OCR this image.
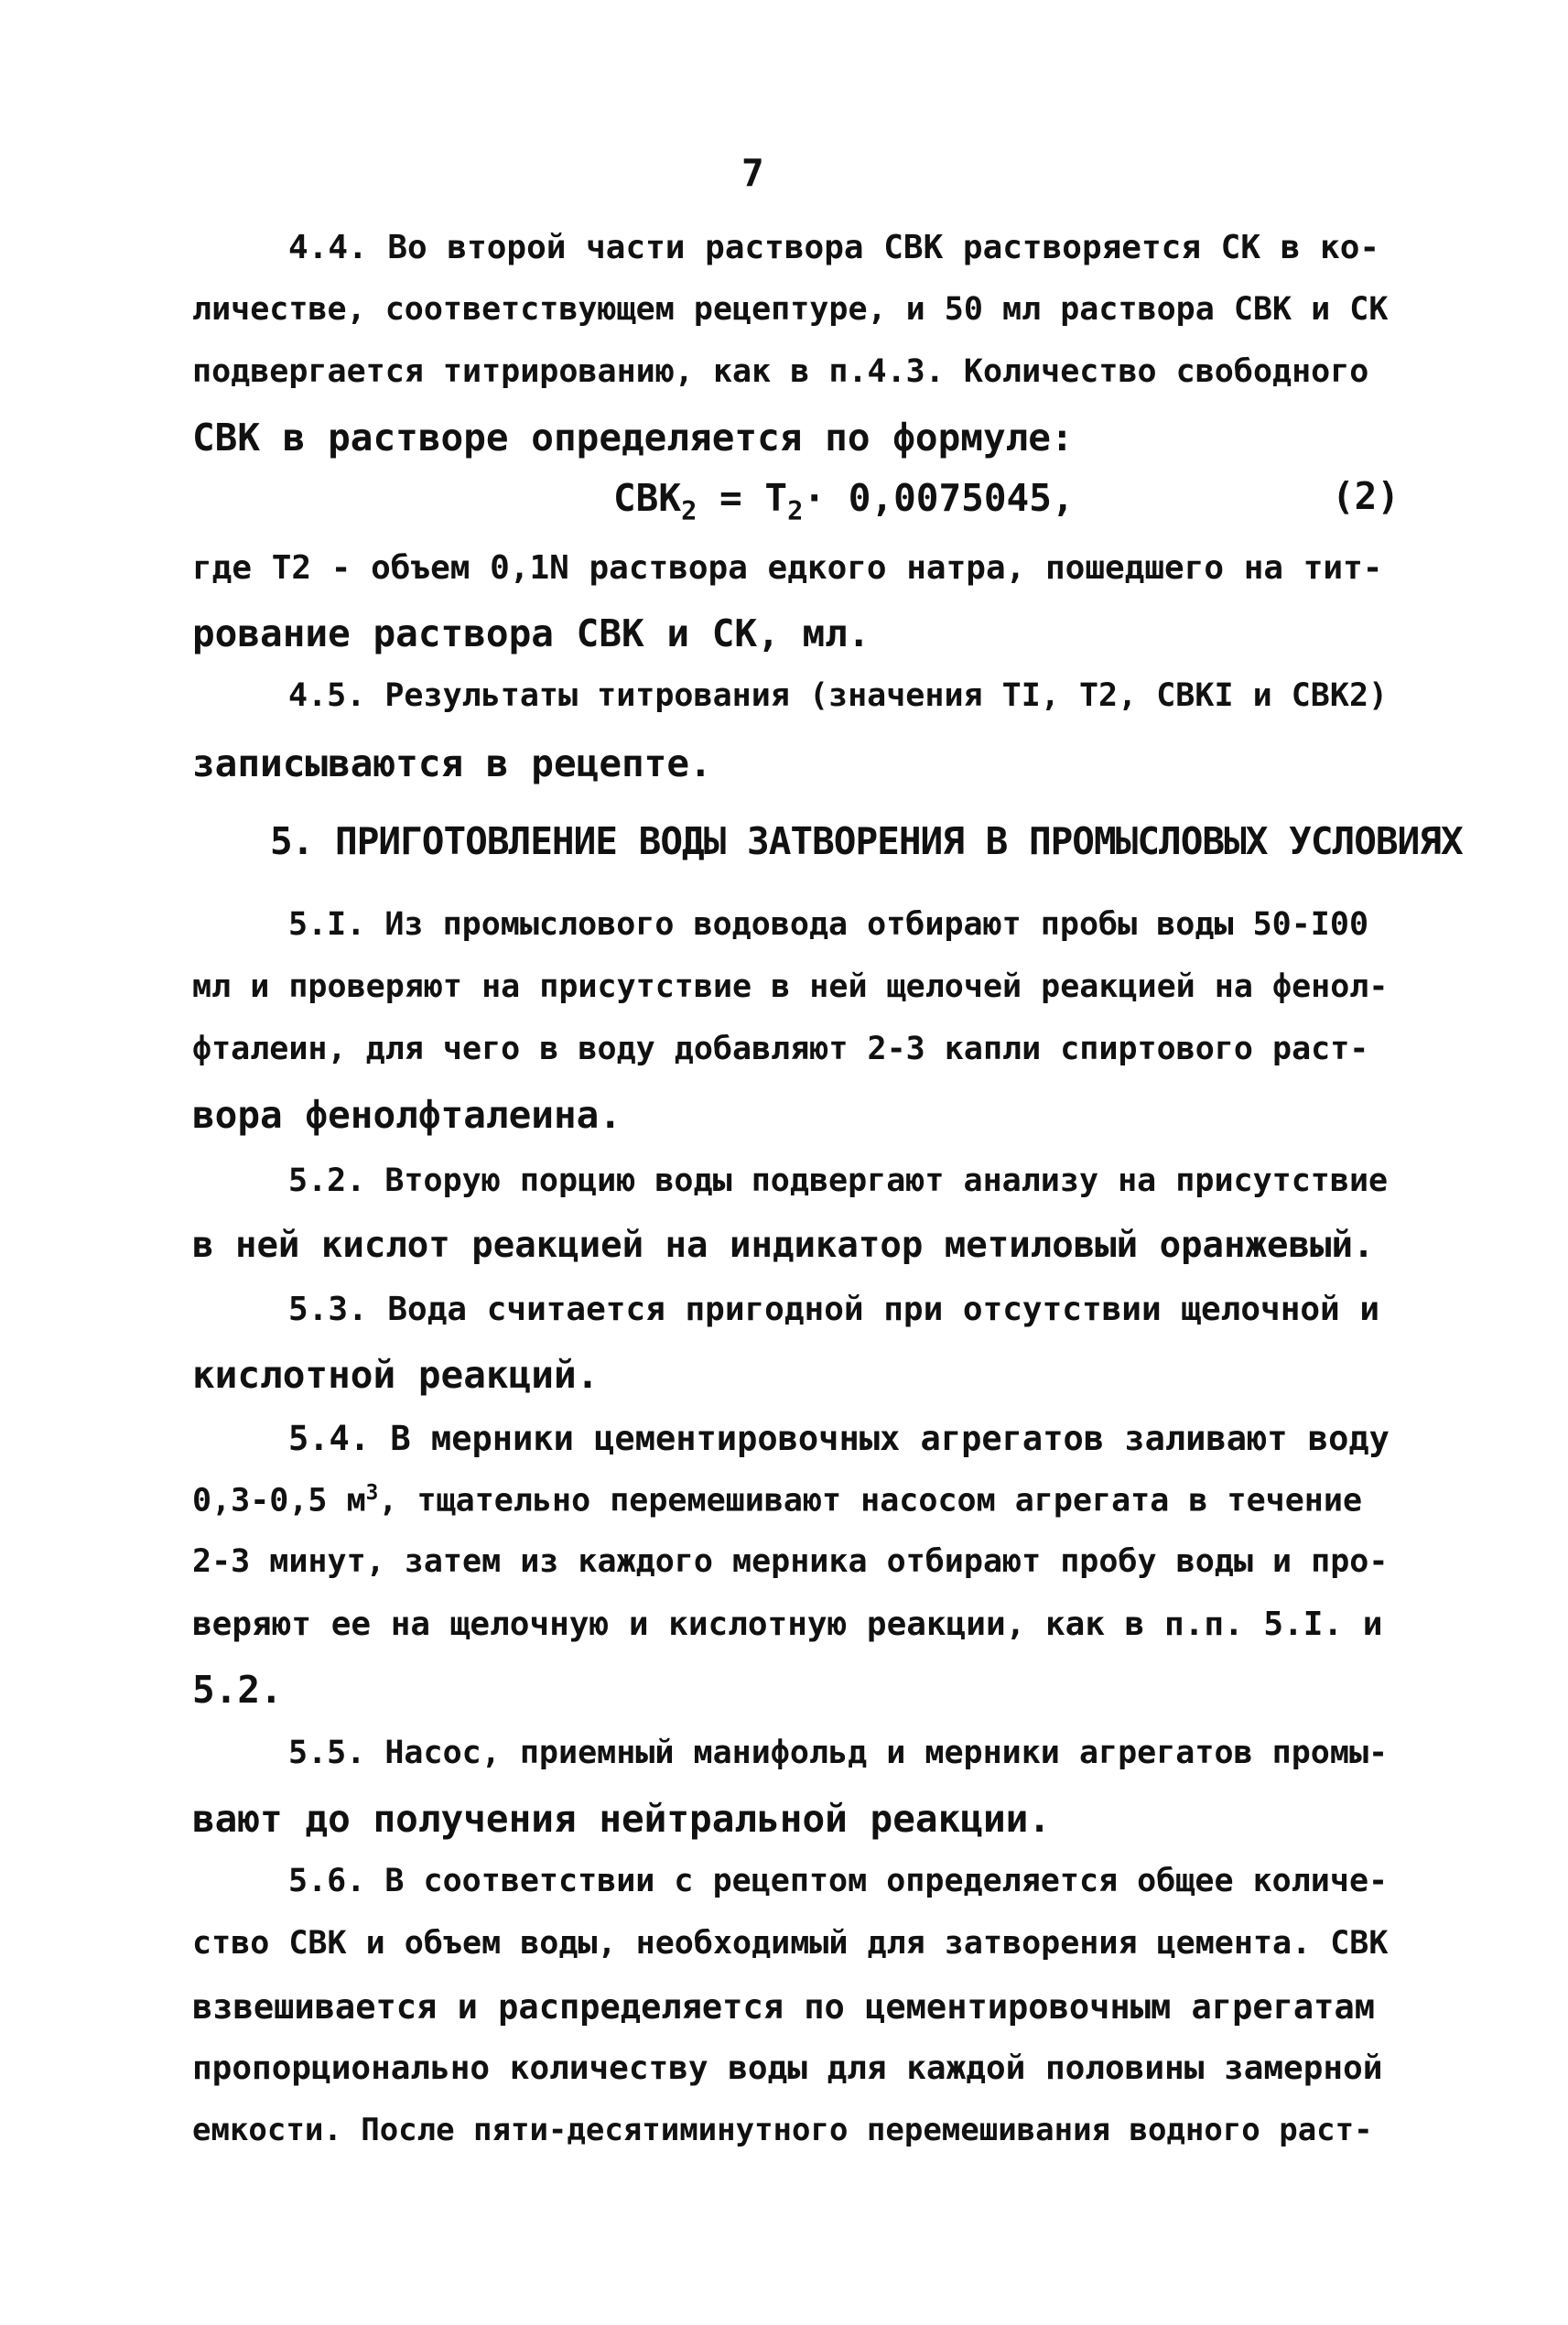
7
4.4. Во второй части раствора СВК растворяется СК в ко-
личестве, соответствующем рецептуре, и 50 мл раствора СВК и СК
подвергается титрированию, как в п.4.3. Количество свободного
СВК в растворе определяется по формуле:
$СВК_2 = Т_2\cdot 0,0075045$,	(2)
где Т2 - объем 0,1N раствора едкого натра, пошедшего на тит-
рование раствора СВК и СК, мл.
4.5. Результаты титрования (значения ТI, Т2, СВКI и СВК2)
записываются в рецепте.
5. ПРИГОТОВЛЕНИЕ ВОДЫ ЗАТВОРЕНИЯ В ПРОМЫСЛОВЫХ УСЛОВИЯХ
5.I. Из промыслового водовода отбирают пробы воды 50-I00
мл и проверяют на присутствие в ней щелочей реакцией на фенол-
фталеин, для чего в воду добавляют 2-3 капли спиртового раст-
вора фенолфталеина.
5.2. Вторую порцию воды подвергают анализу на присутствие
в ней кислот реакцией на индикатор метиловый оранжевый.
5.3. Вода считается пригодной при отсутствии щелочной и
кислотной реакций.
5.4. В мерники цементировочных агрегатов заливают воду
0,3-0,5 $м^3$, тщательно перемешивают насосом агрегата в течение
2-3 минут, затем из каждого мерника отбирают пробу воды и про-
веряют ее на щелочную и кислотную реакции, как в п.п. 5.I. и
5.2.
5.5. Насос, приемный манифольд и мерники агрегатов промы-
вают до получения нейтральной реакции.
5.6. В соответствии с рецептом определяется общее количе-
ство СВК и объем воды, необходимый для затворения цемента. СВК
взвешивается и распределяется по цементировочным агрегатам
пропорционально количеству воды для каждой половины замерной
емкости. После пяти-десятиминутного перемешивания водного раст-
